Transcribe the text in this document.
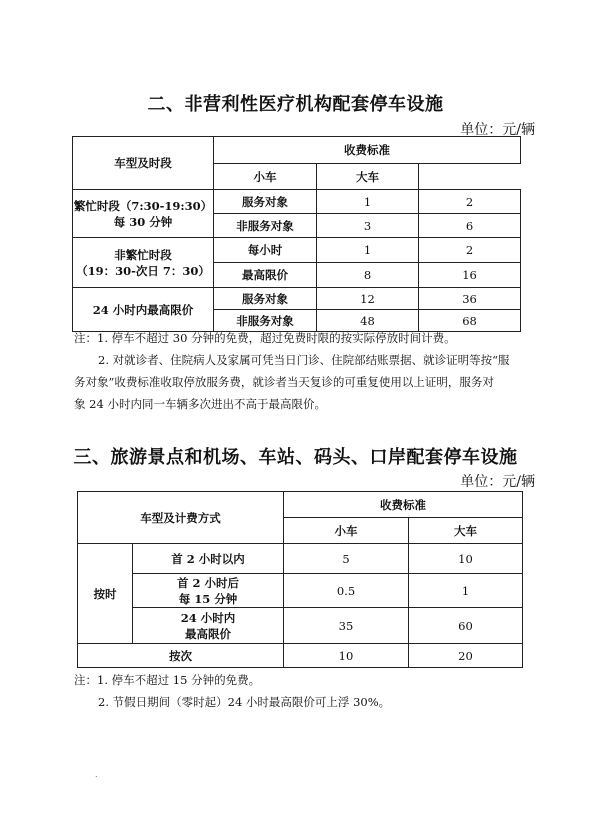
二、非营利性医疗机构配套停车设施
单位：元/辆
车型及时段	收费标准		
	小车	大车	

繁忙时段（7:30-19:30）
每 30 分钟	服务对象	1	2
	非服务对象	3	6

非繁忙时段
（19：30-次日 7：30）	每小时	1	2
	最高限价	8	16
24 小时内最高限价	服务对象	12	36
	非服务对象	48	68
注：1. 停车不超过 30 分钟的免费，超过免费时限的按实际停放时间计费。
2. 对就诊者、住院病人及家属可凭当日门诊、住院部结账票据、就诊证明等按“服
务对象”收费标准收取停放服务费，就诊者当天复诊的可重复使用以上证明，服务对
象 24 小时内同一车辆多次进出不高于最高限价。
三、旅游景点和机场、车站、码头、口岸配套停车设施
单位：元/辆
车型及计费方式		收费标准	
		小车	大车
按时	首 2 小时以内	5	10

	首 2 小时后
每 15 分钟	0.5	1

	24 小时内
最高限价	35	60
按次		10	20
注：1. 停车不超过 15 分钟的免费。
2. 节假日期间（零时起）24 小时最高限价可上浮 30%。
.
